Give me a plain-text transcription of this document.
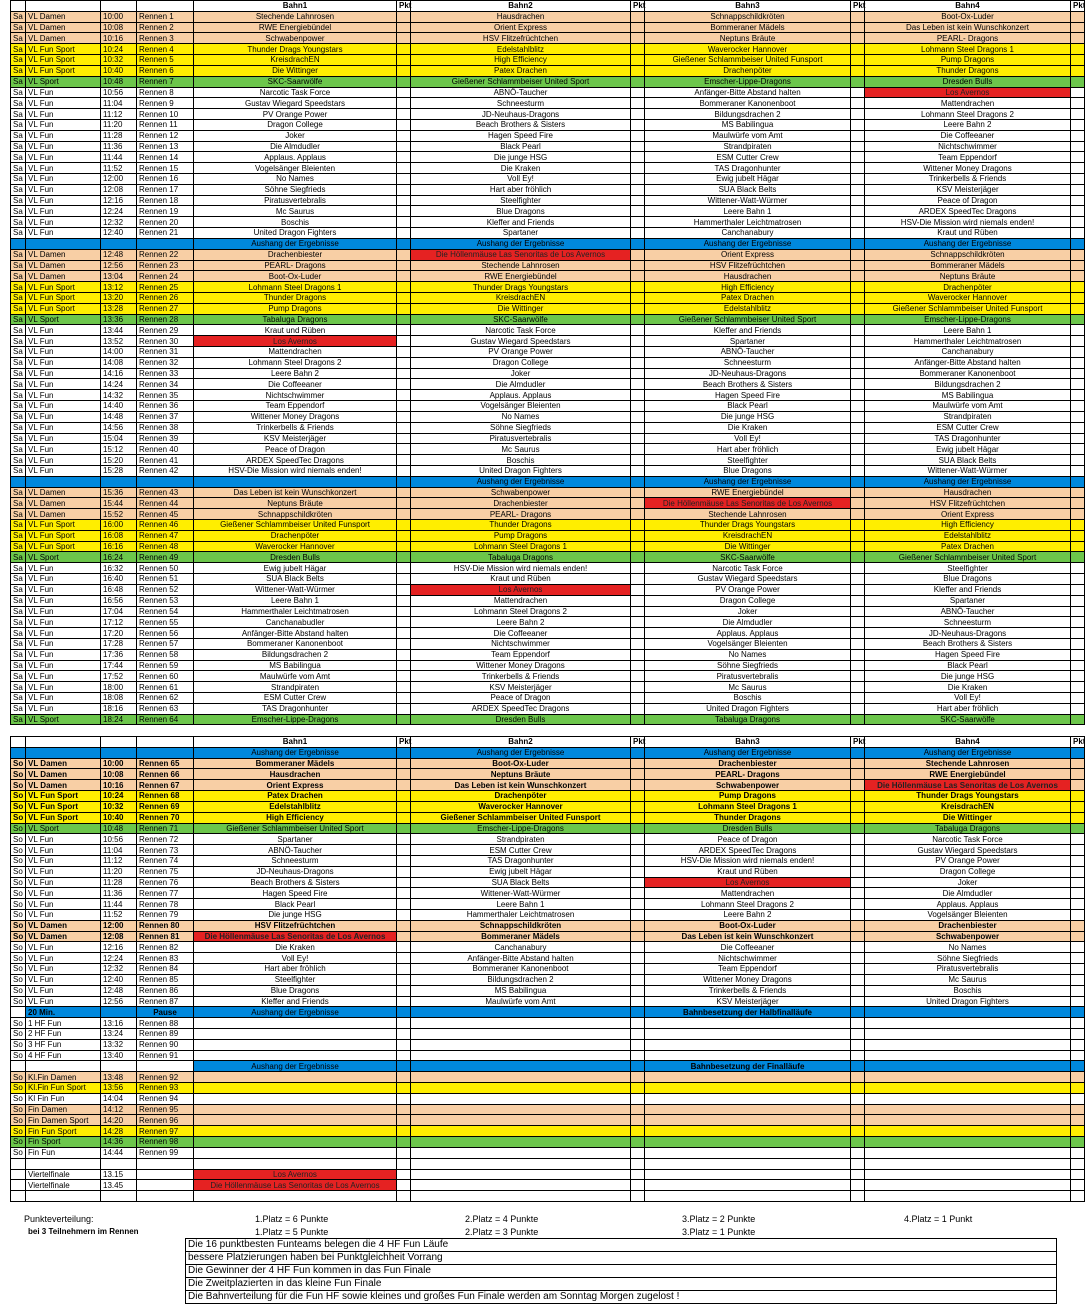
				Bahn1	Pkt	Bahn2	Pkt	Bahn3	Pkt	Bahn4	Pkt
Sa	VL Damen	10:00	Rennen 1	Stechende Lahnrosen		Hausdrachen		Schnappschildkröten		Boot-Ox-Luder	
Sa	VL Damen	10:08	Rennen 2	RWE Energiebündel		Orient Express		Bommeraner Mädels		Das Leben ist kein Wunschkonzert	
Sa	VL Damen	10:16	Rennen 3	Schwabenpower		HSV Flitzefrüchtchen		Neptuns Bräute		PEARL- Dragons	
Sa	VL Fun Sport	10:24	Rennen 4	Thunder Drags Youngstars		Edelstahlblitz		Waverocker Hannover		Lohmann Steel Dragons 1	
Sa	VL Fun Sport	10:32	Rennen 5	KreisdrachEN		High Efficiency		Gießener Schlammbeiser United Funsport		Pump Dragons	
Sa	VL Fun Sport	10:40	Rennen 6	Die Wittinger		Patex Drachen		Drachenpöter		Thunder Dragons	
Sa	VL Sport	10:48	Rennen 7	SKC-Saarwölfe		Gießener Schlammbeiser United Sport		Emscher-Lippe-Dragons		Dresden Bulls	
Sa	VL Fun	10:56	Rennen 8	Narcotic Task Force		ABNÖ-Taucher		Anfänger-Bitte Abstand halten		Los Avernos	
Sa	VL Fun	11:04	Rennen 9	Gustav Wiegard Speedstars		Schneesturm		Bommeraner Kanonenboot		Mattendrachen	
Sa	VL Fun	11:12	Rennen 10	PV Orange Power		JD-Neuhaus-Dragons		Bildungsdrachen 2		Lohmann Steel Dragons 2	
Sa	VL Fun	11:20	Rennen 11	Dragon College		Beach Brothers & Sisters		MS Babilingua		Leere Bahn 2	
Sa	VL Fun	11:28	Rennen 12	Joker		Hagen Speed Fire		Maulwürfe vom Amt		Die Coffeeaner	
Sa	VL Fun	11:36	Rennen 13	Die Almdudler		Black Pearl		Strandpiraten		Nichtschwimmer	
Sa	VL Fun	11:44	Rennen 14	Applaus. Applaus		Die junge HSG		ESM Cutter Crew		Team Eppendorf	
Sa	VL Fun	11:52	Rennen 15	Vogelsänger Bleienten		Die Kraken		TAS Dragonhunter		Wittener Money Dragons	
Sa	VL Fun	12:00	Rennen 16	No Names		Voll Ey!		Ewig jubelt Hägar		Trinkerbells & Friends	
Sa	VL Fun	12:08	Rennen 17	Söhne Siegfrieds		Hart aber fröhlich		SUA Black Belts		KSV Meisterjäger	
Sa	VL Fun	12:16	Rennen 18	Piratusvertebralis		Steelfighter		Wittener-Watt-Würmer		Peace of Dragon	
Sa	VL Fun	12:24	Rennen 19	Mc Saurus		Blue Dragons		Leere Bahn 1		ARDEX SpeedTec Dragons	
Sa	VL Fun	12:32	Rennen 20	Boschis		Kleffer and Friends		Hammerthaler Leichtmatrosen		HSV-Die Mission wird niemals enden!	
Sa	VL Fun	12:40	Rennen 21	United Dragon Fighters		Spartaner		Canchanabury		Kraut und Rüben	
				Aushang der Ergebnisse		Aushang der Ergebnisse		Aushang der Ergebnisse		Aushang der Ergebnisse	
Sa	VL Damen	12:48	Rennen 22	Drachenbiester		Die Höllenmäuse Las Senoritas de Los Avernos		Orient Express		Schnappschildkröten	
Sa	VL Damen	12:56	Rennen 23	PEARL- Dragons		Stechende Lahnrosen		HSV Flitzefrüchtchen		Bommeraner Mädels	
Sa	VL Damen	13:04	Rennen 24	Boot-Ox-Luder		RWE Energiebündel		Hausdrachen		Neptuns Bräute	
Sa	VL Fun Sport	13:12	Rennen 25	Lohmann Steel Dragons 1		Thunder Drags Youngstars		High Efficiency		Drachenpöter	
Sa	VL Fun Sport	13:20	Rennen 26	Thunder Dragons		KreisdrachEN		Patex Drachen		Waverocker Hannover	
Sa	VL Fun Sport	13:28	Rennen 27	Pump Dragons		Die Wittinger		Edelstahlblitz		Gießener Schlammbeiser United Funsport	
Sa	VL Sport	13:36	Rennen 28	Tabaluga Dragons		SKC-Saarwölfe		Gießener Schlammbeiser United Sport		Emscher-Lippe-Dragons	
Sa	VL Fun	13:44	Rennen 29	Kraut und Rüben		Narcotic Task Force		Kleffer and Friends		Leere Bahn 1	
Sa	VL Fun	13:52	Rennen 30	Los Avernos		Gustav Wiegard Speedstars		Spartaner		Hammerthaler Leichtmatrosen	
Sa	VL Fun	14:00	Rennen 31	Mattendrachen		PV Orange Power		ABNÖ-Taucher		Canchanabury	
Sa	VL Fun	14:08	Rennen 32	Lohmann Steel Dragons 2		Dragon College		Schneesturm		Anfänger-Bitte Abstand halten	
Sa	VL Fun	14:16	Rennen 33	Leere Bahn 2		Joker		JD-Neuhaus-Dragons		Bommeraner Kanonenboot	
Sa	VL Fun	14:24	Rennen 34	Die Coffeeaner		Die Almdudler		Beach Brothers & Sisters		Bildungsdrachen 2	
Sa	VL Fun	14:32	Rennen 35	Nichtschwimmer		Applaus. Applaus		Hagen Speed Fire		MS Babilingua	
Sa	VL Fun	14:40	Rennen 36	Team Eppendorf		Vogelsänger Bleienten		Black Pearl		Maulwürfe vom Amt	
Sa	VL Fun	14:48	Rennen 37	Wittener Money Dragons		No Names		Die junge HSG		Strandpiraten	
Sa	VL Fun	14:56	Rennen 38	Trinkerbells & Friends		Söhne Siegfrieds		Die Kraken		ESM Cutter Crew	
Sa	VL Fun	15:04	Rennen 39	KSV Meisterjäger		Piratusvertebralis		Voll Ey!		TAS Dragonhunter	
Sa	VL Fun	15:12	Rennen 40	Peace of Dragon		Mc Saurus		Hart aber fröhlich		Ewig jubelt Hägar	
Sa	VL Fun	15:20	Rennen 41	ARDEX SpeedTec Dragons		Boschis		Steelfighter		SUA Black Belts	
Sa	VL Fun	15:28	Rennen 42	HSV-Die Mission wird niemals enden!		United Dragon Fighters		Blue Dragons		Wittener-Watt-Würmer	
						Aushang der Ergebnisse		Aushang der Ergebnisse		Aushang der Ergebnisse	
Sa	VL Damen	15:36	Rennen 43	Das Leben ist kein Wunschkonzert		Schwabenpower		RWE Energiebündel		Hausdrachen	
Sa	VL Damen	15:44	Rennen 44	Neptuns Bräute		Drachenbiester		Die Höllenmäuse Las Senoritas de Los Avernos		HSV Flitzefrüchtchen	
Sa	VL Damen	15:52	Rennen 45	Schnappschildkröten		PEARL- Dragons		Stechende Lahnrosen		Orient Express	
Sa	VL Fun Sport	16:00	Rennen 46	Gießener Schlammbeiser United Funsport		Thunder Dragons		Thunder Drags Youngstars		High Efficiency	
Sa	VL Fun Sport	16:08	Rennen 47	Drachenpöter		Pump Dragons		KreisdrachEN		Edelstahlblitz	
Sa	VL Fun Sport	16:16	Rennen 48	Waverocker Hannover		Lohmann Steel Dragons 1		Die Wittinger		Patex Drachen	
Sa	VL Sport	16:24	Rennen 49	Dresden Bulls		Tabaluga Dragons		SKC-Saarwölfe		Gießener Schlammbeiser United Sport	
Sa	VL Fun	16:32	Rennen 50	Ewig jubelt Hägar		HSV-Die Mission wird niemals enden!		Narcotic Task Force		Steelfighter	
Sa	VL Fun	16:40	Rennen 51	SUA Black Belts		Kraut und Rüben		Gustav Wiegard Speedstars		Blue Dragons	
Sa	VL Fun	16:48	Rennen 52	Wittener-Watt-Würmer		Los Avernos		PV Orange Power		Kleffer and Friends	
Sa	VL Fun	16:56	Rennen 53	Leere Bahn 1		Mattendrachen		Dragon College		Spartaner	
Sa	VL Fun	17:04	Rennen 54	Hammerthaler Leichtmatrosen		Lohmann Steel Dragons 2		Joker		ABNÖ-Taucher	
Sa	VL Fun	17:12	Rennen 55	Canchanabudler		Leere Bahn 2		Die Almdudler		Schneesturm	
Sa	VL Fun	17:20	Rennen 56	Anfänger-Bitte Abstand halten		Die Coffeeaner		Applaus. Applaus		JD-Neuhaus-Dragons	
Sa	VL Fun	17:28	Rennen 57	Bommeraner Kanonenboot		Nichtschwimmer		Vogelsänger Bleienten		Beach Brothers & Sisters	
Sa	VL Fun	17:36	Rennen 58	Bildungsdrachen 2		Team Eppendorf		No Names		Hagen Speed Fire	
Sa	VL Fun	17:44	Rennen 59	MS Babilingua		Wittener Money Dragons		Söhne Siegfrieds		Black Pearl	
Sa	VL Fun	17:52	Rennen 60	Maulwürfe vom Amt		Trinkerbells & Friends		Piratusvertebralis		Die junge HSG	
Sa	VL Fun	18:00	Rennen 61	Strandpiraten		KSV Meisterjäger		Mc Saurus		Die Kraken	
Sa	VL Fun	18:08	Rennen 62	ESM Cutter Crew		Peace of Dragon		Boschis		Voll Ey!	
Sa	VL Fun	18:16	Rennen 63	TAS Dragonhunter		ARDEX SpeedTec Dragons		United Dragon Fighters		Hart aber fröhlich	
Sa	VL Sport	18:24	Rennen 64	Emscher-Lippe-Dragons		Dresden Bulls		Tabaluga Dragons		SKC-Saarwölfe	
				Bahn1	Pkt	Bahn2	Pkt	Bahn3	Pkt	Bahn4	Pkt
				Aushang der Ergebnisse		Aushang der Ergebnisse		Aushang der Ergebnisse		Aushang der Ergebnisse	
So	VL Damen	10:00	Rennen 65	Bommeraner Mädels		Boot-Ox-Luder		Drachenbiester		Stechende Lahnrosen	
So	VL Damen	10:08	Rennen 66	Hausdrachen		Neptuns Bräute		PEARL- Dragons		RWE Energiebündel	
So	VL Damen	10:16	Rennen 67	Orient Express		Das Leben ist kein Wunschkonzert		Schwabenpower		Die Höllenmäuse Las Senoritas de Los Avernos	
So	VL Fun Sport	10:24	Rennen 68	Patex Drachen		Drachenpöter		Pump Dragons		Thunder Drags Youngstars	
So	VL Fun Sport	10:32	Rennen 69	Edelstahlblitz		Waverocker Hannover		Lohmann Steel Dragons 1		KreisdrachEN	
So	VL Fun Sport	10:40	Rennen 70	High Efficiency		Gießener Schlammbeiser United Funsport		Thunder Dragons		Die Wittinger	
So	VL Sport	10:48	Rennen 71	Gießener Schlammbeiser United Sport		Emscher-Lippe-Dragons		Dresden Bulls		Tabaluga Dragons	
So	VL Fun	10:56	Rennen 72	Spartaner		Strandpiraten		Peace of Dragon		Narcotic Task Force	
So	VL Fun	11:04	Rennen 73	ABNÖ-Taucher		ESM Cutter Crew		ARDEX SpeedTec Dragons		Gustav Wiegard Speedstars	
So	VL Fun	11:12	Rennen 74	Schneesturm		TAS Dragonhunter		HSV-Die Mission wird niemals enden!		PV Orange Power	
So	VL Fun	11:20	Rennen 75	JD-Neuhaus-Dragons		Ewig jubelt Hägar		Kraut und Rüben		Dragon College	
So	VL Fun	11:28	Rennen 76	Beach Brothers & Sisters		SUA Black Belts		Los Avernos		Joker	
So	VL Fun	11:36	Rennen 77	Hagen Speed Fire		Wittener-Watt-Würmer		Mattendrachen		Die Almdudler	
So	VL Fun	11:44	Rennen 78	Black Pearl		Leere Bahn 1		Lohmann Steel Dragons 2		Applaus. Applaus	
So	VL Fun	11:52	Rennen 79	Die junge HSG		Hammerthaler Leichtmatrosen		Leere Bahn 2		Vogelsänger Bleienten	
So	VL Damen	12:00	Rennen 80	HSV Flitzefrüchtchen		Schnappschildkröten		Boot-Ox-Luder		Drachenbiester	
So	VL Damen	12:08	Rennen 81	Die Höllenmäuse Las Senoritas de Los Avernos		Bommeraner Mädels		Das Leben ist kein Wunschkonzert		Schwabenpower	
So	VL Fun	12:16	Rennen 82	Die Kraken		Canchanabury		Die Coffeeaner		No Names	
So	VL Fun	12:24	Rennen 83	Voll Ey!		Anfänger-Bitte Abstand halten		Nichtschwimmer		Söhne Siegfrieds	
So	VL Fun	12:32	Rennen 84	Hart aber fröhlich		Bommeraner Kanonenboot		Team Eppendorf		Piratusvertebralis	
So	VL Fun	12:40	Rennen 85	Steelfighter		Bildungsdrachen 2		Wittener Money Dragons		Mc Saurus	
So	VL Fun	12:48	Rennen 86	Blue Dragons		MS Babilingua		Trinkerbells & Friends		Boschis	
So	VL Fun	12:56	Rennen 87	Kleffer and Friends		Maulwürfe vom Amt		KSV Meisterjäger		United Dragon Fighters	
	20 Min.		Pause	Aushang der Ergebnisse				Bahnbesetzung der Halbfinalläufe			
So	1 HF Fun	13:16	Rennen 88								
So	2 HF Fun	13:24	Rennen 89								
So	3 HF Fun	13:32	Rennen 90								
So	4 HF Fun	13:40	Rennen 91								
				Aushang der Ergebnisse				Bahnbesetzung der Finalläufe			
So	Kl.Fin Damen	13:48	Rennen 92								
So	Kl.Fin Fun Sport	13:56	Rennen 93								
So	Kl Fin Fun	14:04	Rennen 94								
So	Fin Damen	14:12	Rennen 95								
So	Fin Damen Sport	14:20	Rennen 96								
So	Fin Fun Sport	14:28	Rennen 97								
So	Fin Sport	14:36	Rennen 98								
So	Fin Fun	14:44	Rennen 99								

	Viertelfinale	13.15		Los Avernos							
	Viertelfinale	13.45		Die Höllenmäuse Las Senoritas de Los Avernos							

Punkteverteilung:	1.Platz = 6 Punkte	2.Platz = 4 Punkte	3.Platz = 2 Punkte	4.Platz = 1 Punkt
bei 3 Teilnehmern im Rennen	1.Platz = 5 Punkte	2.Platz = 3 Punkte	3.Platz = 1 Punkte
Die 16 punktbesten Funteams belegen die 4 HF Fun Läufe
bessere Platzierungen haben bei Punktgleichheit Vorrang
Die Gewinner der 4 HF Fun kommen in das Fun Finale
Die Zweitplazierten in das kleine Fun Finale
Die Bahnverteilung für die Fun HF sowie kleines und großes Fun Finale werden am Sonntag Morgen zugelost !
